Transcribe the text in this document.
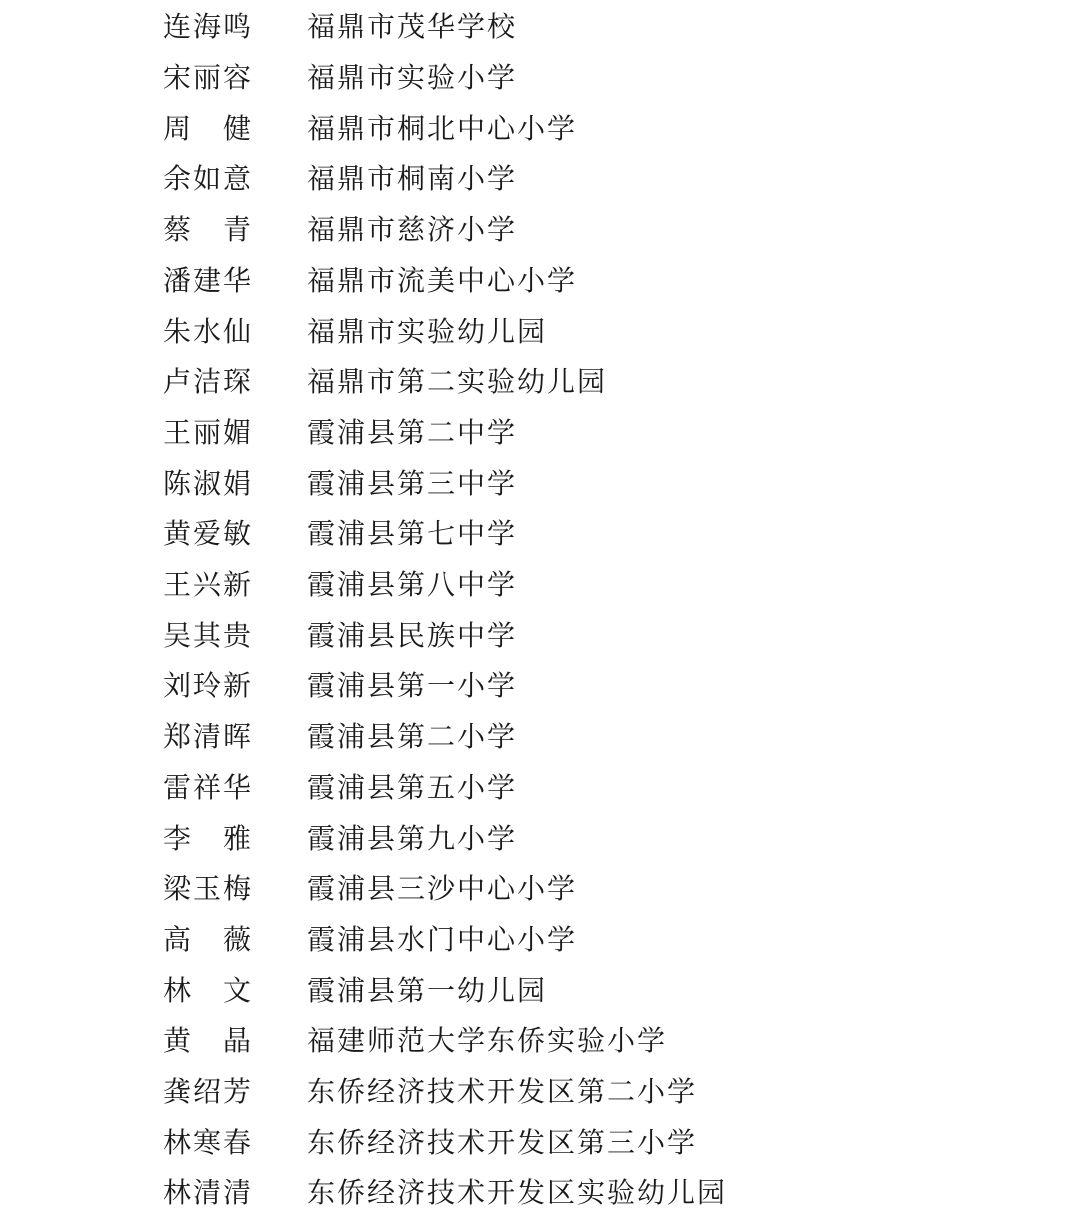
连海鸣	福鼎市茂华学校
宋丽容	福鼎市实验小学
周　健	福鼎市桐北中心小学
余如意	福鼎市桐南小学
蔡　青	福鼎市慈济小学
潘建华	福鼎市流美中心小学
朱水仙	福鼎市实验幼儿园
卢洁琛	福鼎市第二实验幼儿园
王丽媚	霞浦县第二中学
陈淑娟	霞浦县第三中学
黄爱敏	霞浦县第七中学
王兴新	霞浦县第八中学
吴其贵	霞浦县民族中学
刘玲新	霞浦县第一小学
郑清晖	霞浦县第二小学
雷祥华	霞浦县第五小学
李　雅	霞浦县第九小学
梁玉梅	霞浦县三沙中心小学
高　薇	霞浦县水门中心小学
林　文	霞浦县第一幼儿园
黄　晶	福建师范大学东侨实验小学
龚绍芳	东侨经济技术开发区第二小学
林寒春	东侨经济技术开发区第三小学
林清清	东侨经济技术开发区实验幼儿园
